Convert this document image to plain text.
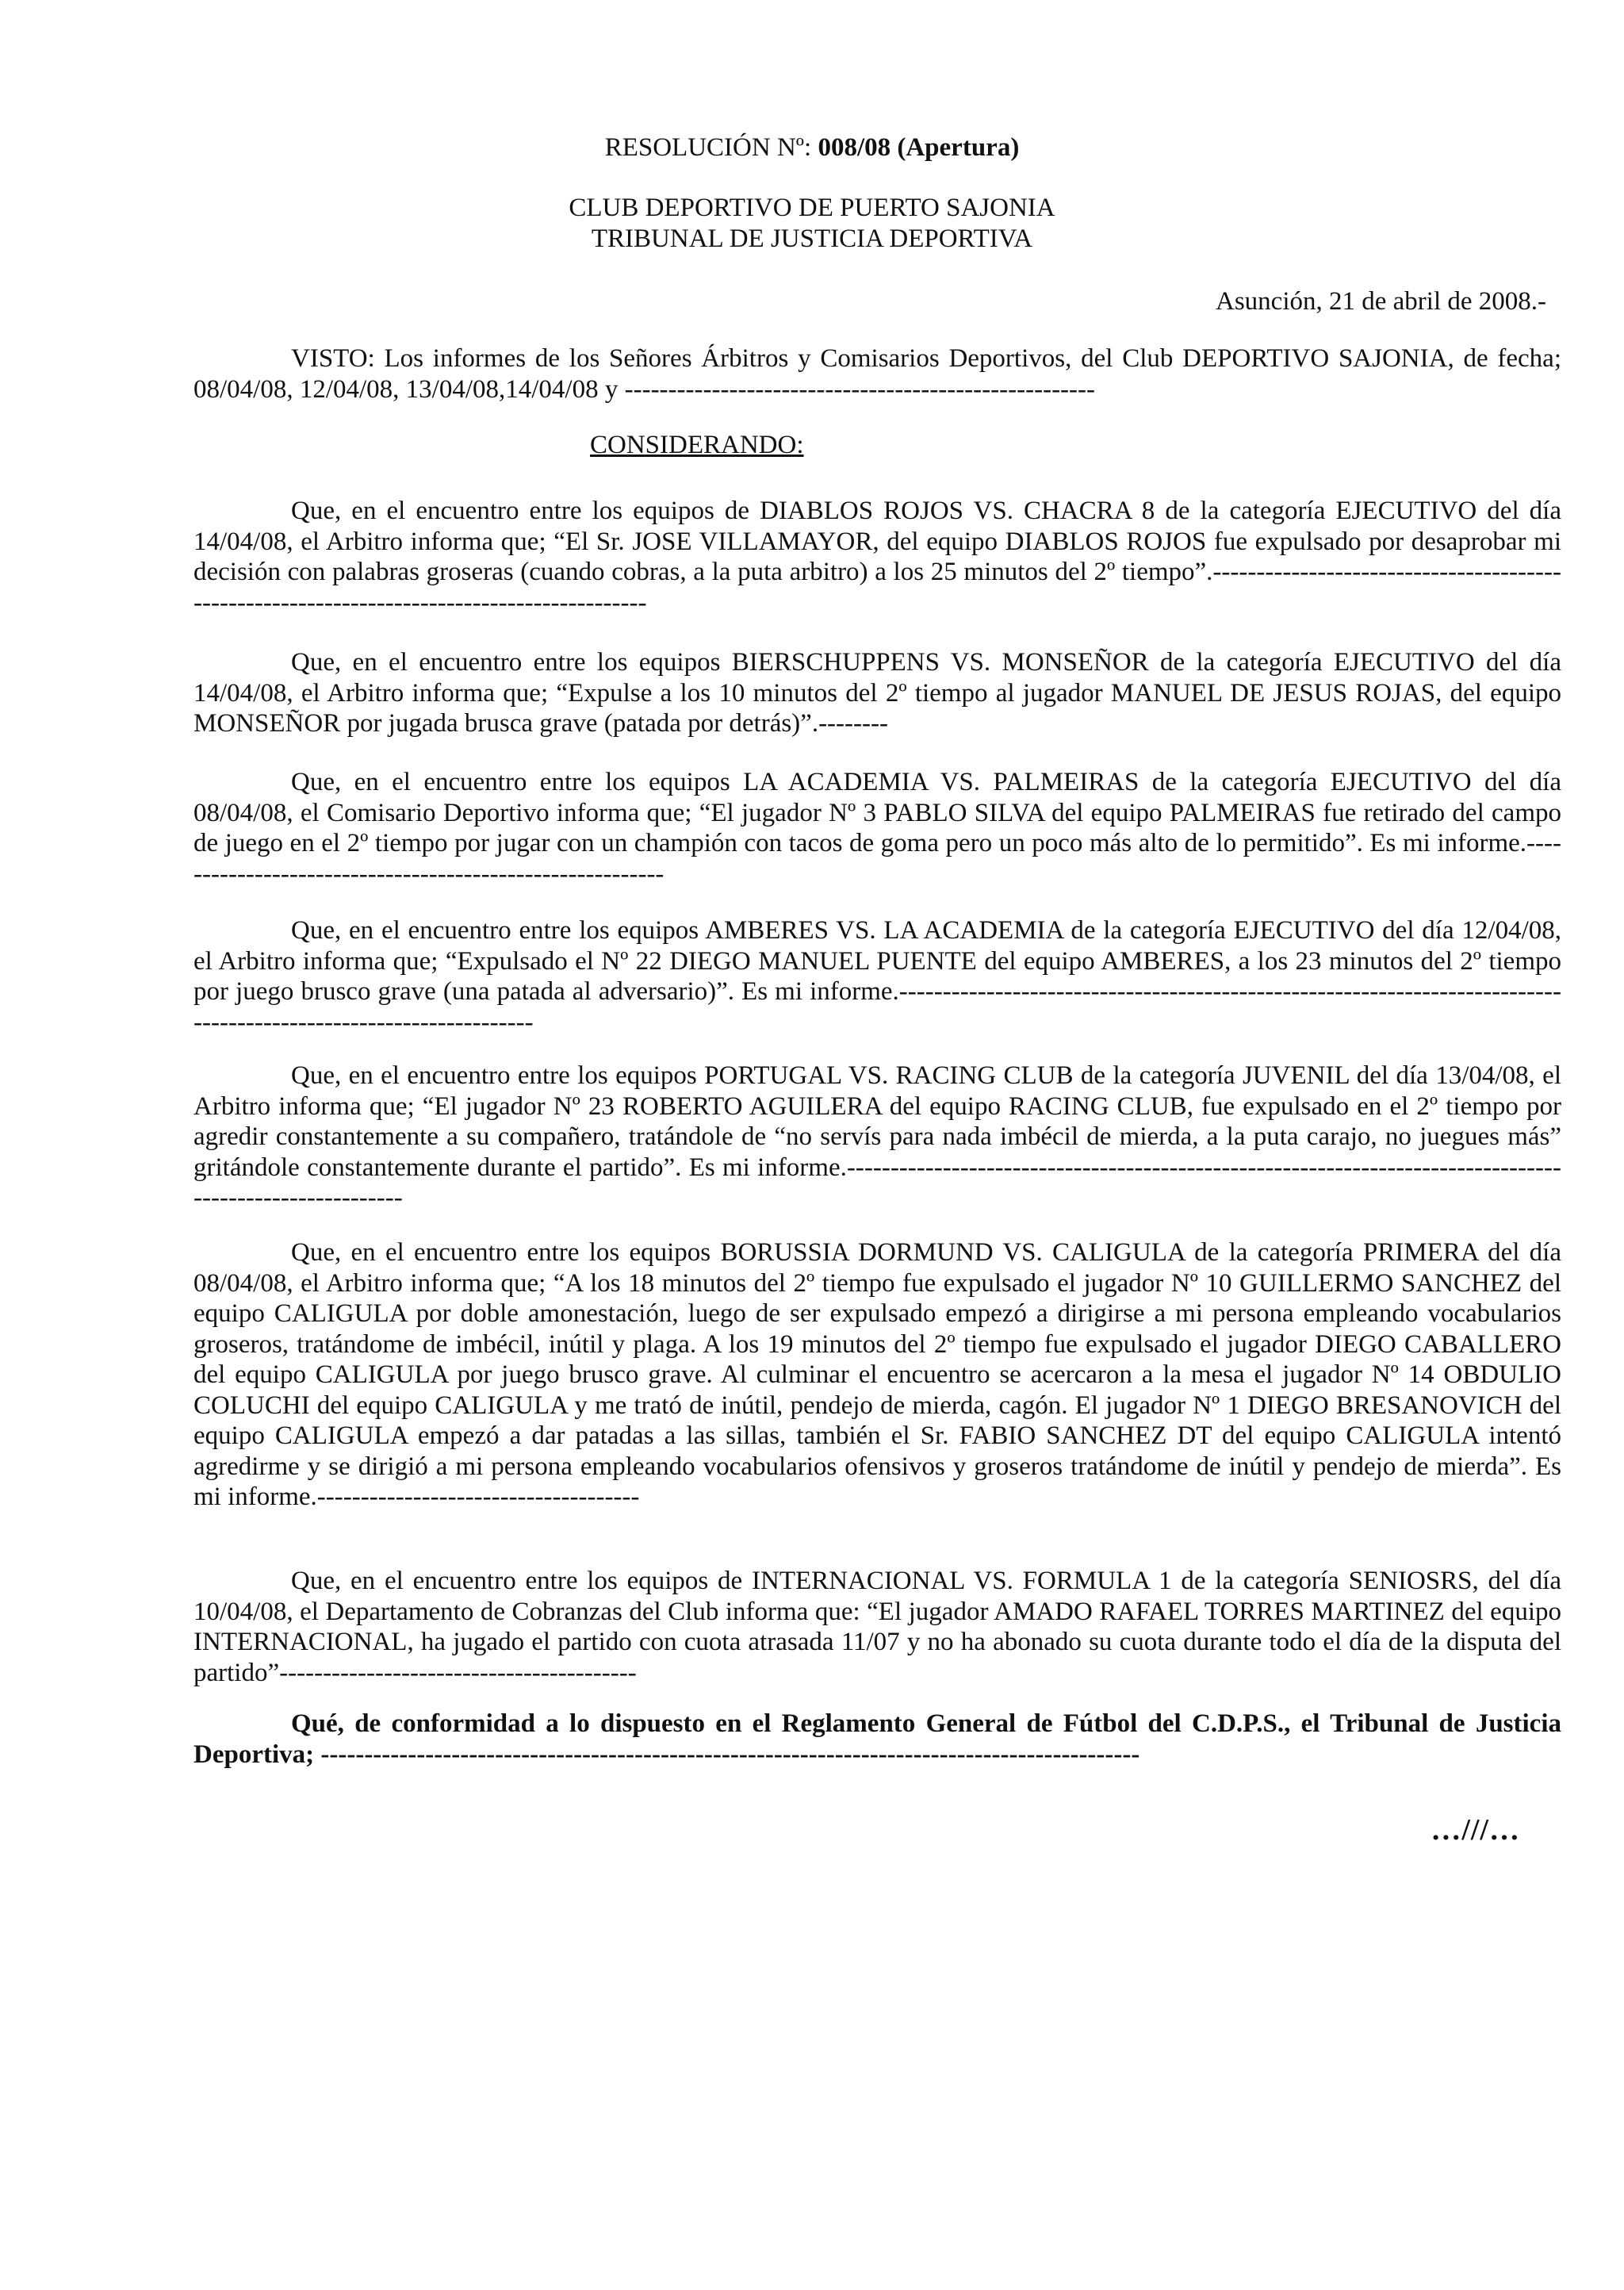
RESOLUCIÓN Nº: 008/08 (Apertura)
CLUB DEPORTIVO DE PUERTO SAJONIA
TRIBUNAL DE JUSTICIA DEPORTIVA
Asunción, 21 de abril de 2008.-
VISTO: Los informes de los Señores Árbitros y Comisarios Deportivos, del Club DEPORTIVO SAJONIA, de fecha; 08/04/08, 12/04/08, 13/04/08,14/04/08 y ------------------------------------------------------
CONSIDERANDO:
Que, en el encuentro entre los equipos de DIABLOS ROJOS VS. CHACRA 8 de la categoría EJECUTIVO del día 14/04/08, el Arbitro informa que; “El Sr. JOSE VILLAMAYOR, del equipo DIABLOS ROJOS fue expulsado por desaprobar mi decisión con palabras groseras (cuando cobras, a la puta arbitro) a los 25 minutos del 2º tiempo”.--------------------------------------------------------------------------------------------
Que, en el encuentro entre los equipos BIERSCHUPPENS VS. MONSEÑOR de la categoría EJECUTIVO del día 14/04/08, el Arbitro informa que; “Expulse a los 10 minutos del 2º tiempo al jugador MANUEL DE JESUS ROJAS, del equipo MONSEÑOR por jugada brusca grave (patada por detrás)”.--------
Que, en el encuentro entre los equipos LA ACADEMIA VS. PALMEIRAS de la categoría EJECUTIVO del día 08/04/08, el Comisario Deportivo informa que; “El jugador Nº 3 PABLO SILVA del equipo PALMEIRAS fue retirado del campo de juego en el 2º tiempo por jugar con un champión con tacos de goma pero un poco más alto de lo permitido”. Es mi informe.----------------------------------------------------------
Que, en el encuentro entre los equipos AMBERES VS. LA ACADEMIA de la categoría EJECUTIVO del día 12/04/08, el Arbitro informa que; “Expulsado el Nº 22 DIEGO MANUEL PUENTE del equipo AMBERES, a los 23 minutos del 2º tiempo por juego brusco grave (una patada al adversario)”. Es mi informe.-------------------------------------------------------------------------------------------------------------------
Que, en el encuentro entre los equipos PORTUGAL VS. RACING CLUB de la categoría JUVENIL del día 13/04/08, el Arbitro informa que; “El jugador Nº 23 ROBERTO AGUILERA del equipo RACING CLUB, fue expulsado en el 2º tiempo por agredir constantemente a su compañero, tratándole de “no servís para nada imbécil de mierda, a la puta carajo, no juegues más” gritándole constantemente durante el partido”. Es mi informe.----------------------------------------------------------------------------------------------------------
Que, en el encuentro entre los equipos BORUSSIA DORMUND VS. CALIGULA de la categoría PRIMERA del día 08/04/08, el Arbitro informa que; “A los 18 minutos del 2º tiempo fue expulsado el jugador Nº 10 GUILLERMO SANCHEZ del equipo CALIGULA por doble amonestación, luego de ser expulsado empezó a dirigirse a mi persona empleando vocabularios groseros, tratándome de imbécil, inútil y plaga. A los 19 minutos del 2º tiempo fue expulsado el jugador DIEGO CABALLERO del equipo CALIGULA por juego brusco grave. Al culminar el encuentro se acercaron a la mesa el jugador Nº 14 OBDULIO COLUCHI del equipo CALIGULA y me trató de inútil, pendejo de mierda, cagón. El jugador Nº 1 DIEGO BRESANOVICH del equipo CALIGULA empezó a dar patadas a las sillas, también el Sr. FABIO SANCHEZ DT del equipo CALIGULA intentó agredirme y se dirigió a mi persona empleando vocabularios ofensivos y groseros tratándome de inútil y pendejo de mierda”. Es mi informe.-------------------------------------
Que, en el encuentro entre los equipos de INTERNACIONAL VS. FORMULA 1 de la categoría SENIOSRS, del día 10/04/08, el Departamento de Cobranzas del Club informa que: “El jugador AMADO RAFAEL TORRES MARTINEZ del equipo INTERNACIONAL, ha jugado el partido con cuota atrasada 11/07 y no ha abonado su cuota durante todo el día de la disputa del partido”-----------------------------------------
Qué, de conformidad a lo dispuesto en el Reglamento General de Fútbol del C.D.P.S., el Tribunal de Justicia Deportiva; ----------------------------------------------------------------------------------------------
…///…
